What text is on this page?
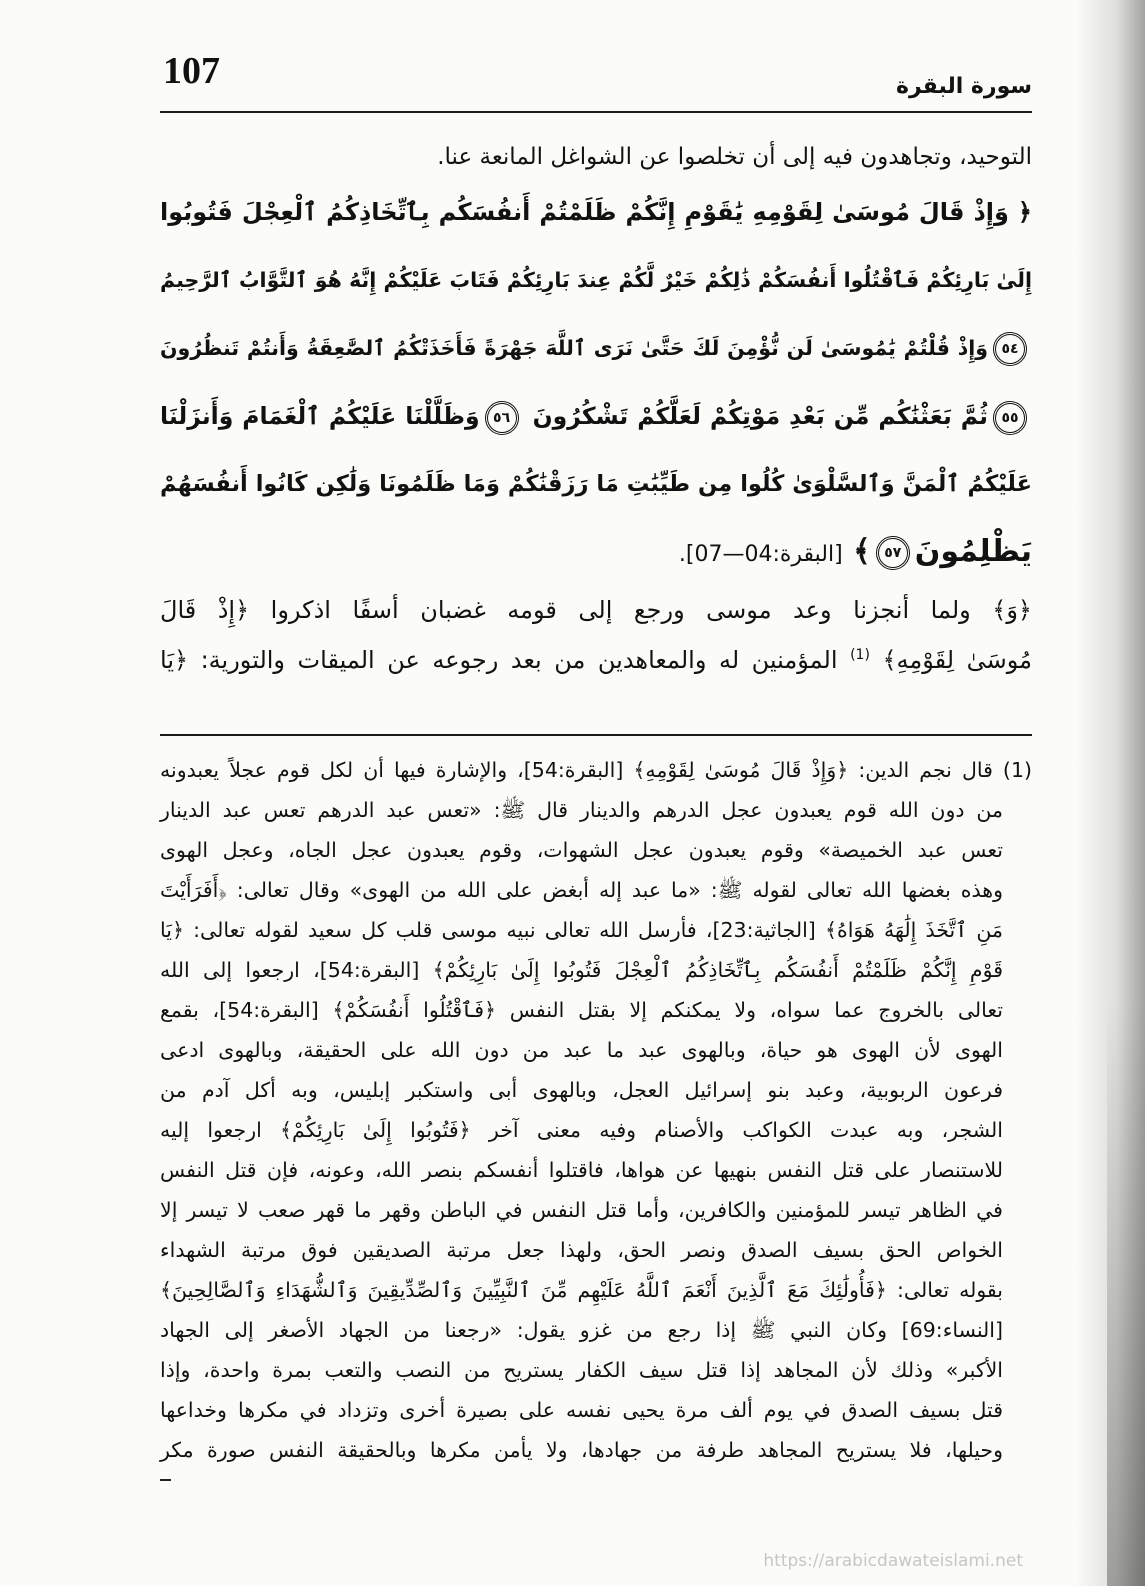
107	سورة البقرة
التوحيد، وتجاهدون فيه إلى أن تخلصوا عن الشواغل المانعة عنا.
﴿ وَإِذْ قَالَ مُوسَىٰ لِقَوْمِهِ يَٰقَوْمِ إِنَّكُمْ ظَلَمْتُمْ أَنفُسَكُم بِٱتِّخَاذِكُمُ ٱلْعِجْلَ فَتُوبُوا
إِلَىٰ بَارِئِكُمْ فَٱقْتُلُوا أَنفُسَكُمْ ذَٰلِكُمْ خَيْرٌ لَّكُمْ عِندَ بَارِئِكُمْ فَتَابَ عَلَيْكُمْ إِنَّهُ هُوَ ٱلتَّوَّابُ ٱلرَّحِيمُ
٥٤وَإِذْ قُلْتُمْ يَٰمُوسَىٰ لَن نُّؤْمِنَ لَكَ حَتَّىٰ نَرَى ٱللَّهَ جَهْرَةً فَأَخَذَتْكُمُ ٱلصَّٰعِقَةُ وَأَنتُمْ تَنظُرُونَ
٥٥ثُمَّ بَعَثْنَٰكُم مِّن بَعْدِ مَوْتِكُمْ لَعَلَّكُمْ تَشْكُرُونَ ٥٦وَظَلَّلْنَا عَلَيْكُمُ ٱلْغَمَامَ وَأَنزَلْنَا
عَلَيْكُمُ ٱلْمَنَّ وَٱلسَّلْوَىٰ كُلُوا مِن طَيِّبَٰتِ مَا رَزَقْنَٰكُمْ وَمَا ظَلَمُونَا وَلَٰكِن كَانُوا أَنفُسَهُمْ
يَظْلِمُونَ٥٧﴾ [البقرة:04—07].
﴿وَ﴾ ولما أنجزنا وعد موسى ورجع إلى قومه غضبان أسفًا اذكروا ﴿إِذْ قَالَ
مُوسَىٰ لِقَوْمِهِ﴾ $^{(1)}$ المؤمنين له والمعاهدين من بعد رجوعه عن الميقات والتورية: ﴿يَا
(1) قال نجم الدين: ﴿وَإِذْ قَالَ مُوسَىٰ لِقَوْمِهِ﴾ [البقرة:54]، والإشارة فيها أن لكل قوم عجلاً يعبدونه
من دون الله قوم يعبدون عجل الدرهم والدينار قال ﷺ: «تعس عبد الدرهم تعس عبد الدينار
تعس عبد الخميصة» وقوم يعبدون عجل الشهوات، وقوم يعبدون عجل الجاه، وعجل الهوى
وهذه بغضها الله تعالى لقوله ﷺ: «ما عبد إله أبغض على الله من الهوى» وقال تعالى: ﴿أَفَرَأَيْتَ
مَنِ ٱتَّخَذَ إِلَٰهَهُ هَوَاهُ﴾ [الجاثية:23]، فأرسل الله تعالى نبيه موسى قلب كل سعيد لقوله تعالى: ﴿يَا
قَوْمِ إِنَّكُمْ ظَلَمْتُمْ أَنفُسَكُم بِٱتِّخَاذِكُمُ ٱلْعِجْلَ فَتُوبُوا إِلَىٰ بَارِئِكُمْ﴾ [البقرة:54]، ارجعوا إلى الله
تعالى بالخروج عما سواه، ولا يمكنكم إلا بقتل النفس ﴿فَٱقْتُلُوا أَنفُسَكُمْ﴾ [البقرة:54]، بقمع
الهوى لأن الهوى هو حياة، وبالهوى عبد ما عبد من دون الله على الحقيقة، وبالهوى ادعى
فرعون الربوبية، وعبد بنو إسرائيل العجل، وبالهوى أبى واستكبر إبليس، وبه أكل آدم من
الشجر، وبه عبدت الكواكب والأصنام وفيه معنى آخر ﴿فَتُوبُوا إِلَىٰ بَارِئِكُمْ﴾ ارجعوا إليه
للاستنصار على قتل النفس بنهيها عن هواها، فاقتلوا أنفسكم بنصر الله، وعونه، فإن قتل النفس
في الظاهر تيسر للمؤمنين والكافرين، وأما قتل النفس في الباطن وقهر ما قهر صعب لا تيسر إلا
الخواص الحق بسيف الصدق ونصر الحق، ولهذا جعل مرتبة الصديقين فوق مرتبة الشهداء
بقوله تعالى: ﴿فَأُولَٰئِكَ مَعَ ٱلَّذِينَ أَنْعَمَ ٱللَّهُ عَلَيْهِم مِّنَ ٱلنَّبِيِّينَ وَٱلصِّدِّيقِينَ وَٱلشُّهَدَاءِ وَٱلصَّالِحِينَ﴾
[النساء:69] وكان النبي ﷺ إذا رجع من غزو يقول: «رجعنا من الجهاد الأصغر إلى الجهاد
الأكبر» وذلك لأن المجاهد إذا قتل سيف الكفار يستريح من النصب والتعب بمرة واحدة، وإذا
قتل بسيف الصدق في يوم ألف مرة يحيى نفسه على بصيرة أخرى وتزداد في مكرها وخداعها
وحيلها، فلا يستريح المجاهد طرفة من جهادها، ولا يأمن مكرها وبالحقيقة النفس صورة مكر
https://arabicdawateislami.net
